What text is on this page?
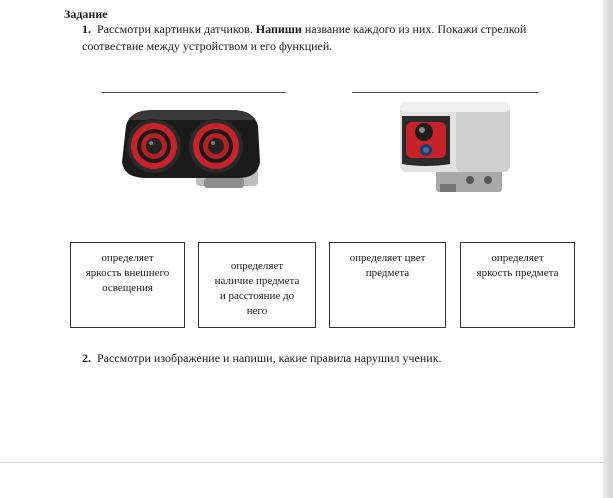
Задание
1. Рассмотри картинки датчиков. Напиши название каждого из них. Покажи стрелкой
соотвествие между устройством и его функцией.
определяет
яркость внешнего
освещения
определяет
наличие предмета
и расстояние до
него
определяет цвет
предмета
определяет
яркость предмета
2. Рассмотри изображение и напиши, какие правила нарушил ученик.
